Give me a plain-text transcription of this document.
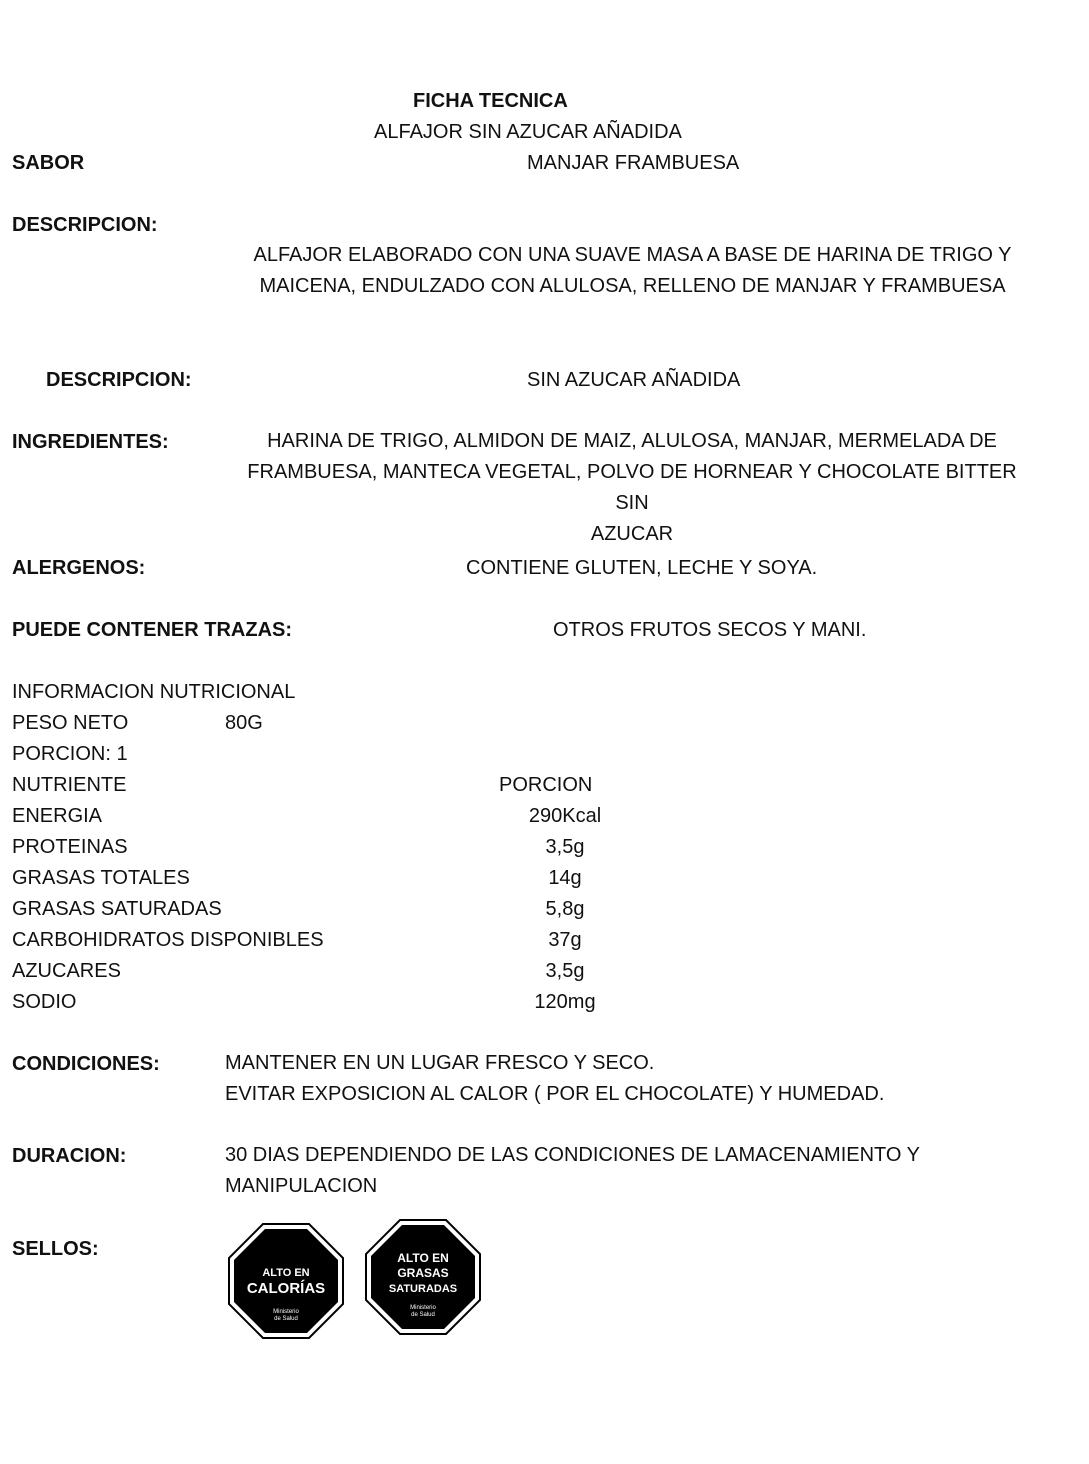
FICHA TECNICA
ALFAJOR SIN AZUCAR AÑADIDA
SABOR	MANJAR FRAMBUESA
DESCRIPCION:
ALFAJOR ELABORADO CON UNA SUAVE MASA A BASE DE HARINA DE TRIGO Y
MAICENA, ENDULZADO CON ALULOSA, RELLENO DE MANJAR Y FRAMBUESA
DESCRIPCION:	SIN AZUCAR AÑADIDA
INGREDIENTES:	HARINA DE TRIGO, ALMIDON DE MAIZ, ALULOSA, MANJAR, MERMELADA DE
FRAMBUESA, MANTECA VEGETAL, POLVO DE HORNEAR Y CHOCOLATE BITTER SIN
AZUCAR
ALERGENOS:	CONTIENE GLUTEN, LECHE Y SOYA.
PUEDE CONTENER TRAZAS:	OTROS FRUTOS SECOS Y MANI.
INFORMACION NUTRICIONAL
PESO NETO	80G
PORCION: 1
NUTRIENTE	PORCION
ENERGIA	290Kcal
PROTEINAS	3,5g
GRASAS TOTALES	14g
GRASAS SATURADAS	5,8g
CARBOHIDRATOS DISPONIBLES	37g
AZUCARES	3,5g
SODIO	120mg
CONDICIONES:	MANTENER EN UN LUGAR FRESCO Y SECO.
EVITAR EXPOSICION AL CALOR ( POR EL CHOCOLATE) Y HUMEDAD.
DURACION:	30 DIAS DEPENDIENDO DE LAS CONDICIONES DE LAMACENAMIENTO Y
MANIPULACION
SELLOS:
ALTO EN
CALORÍAS
Ministerio
de Salud
ALTO EN
GRASAS
SATURADAS
Ministerio
de Salud
